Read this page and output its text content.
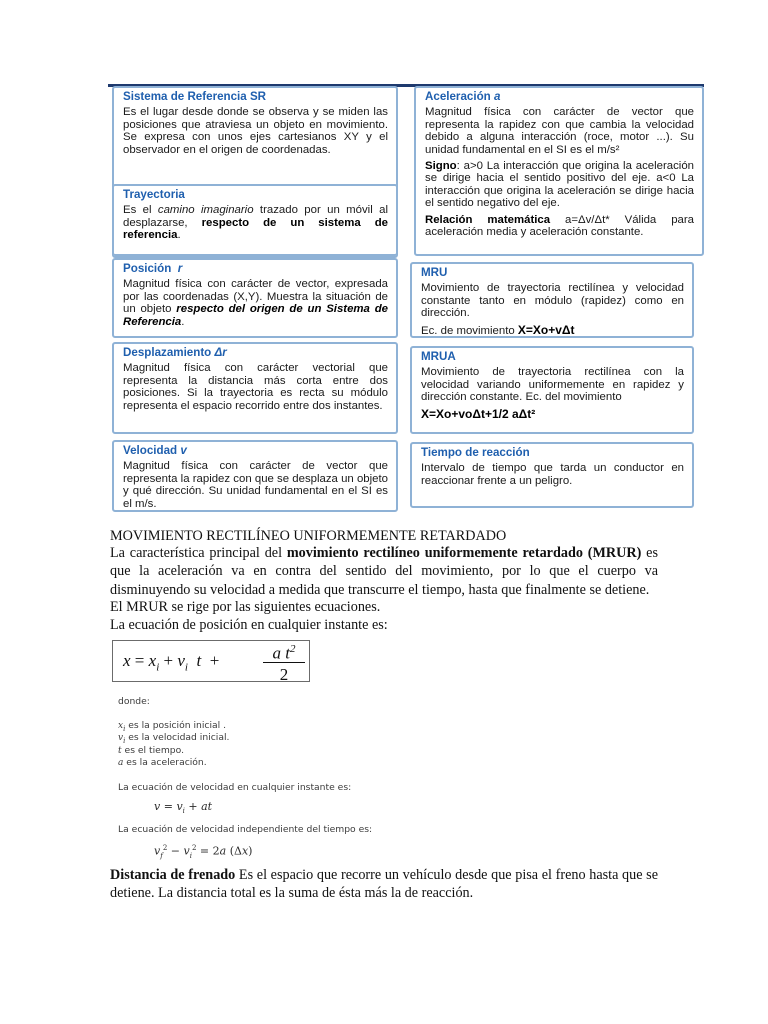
Sistema de Referencia SR

Es el lugar desde donde se observa y se miden las posiciones que atraviesa un objeto en movimiento. Se expresa con unos ejes cartesianos XY y el observador en el origen de coordenadas.

Trayectoria

Es el camino imaginario trazado por un móvil al desplazarse, respecto de un sistema de referencia.

Posición r

Magnitud física con carácter de vector, expresada por las coordenadas (X,Y). Muestra la situación de un objeto respecto del origen de un Sistema de Referencia.

Desplazamiento Δr

Magnitud física con carácter vectorial que representa la distancia más corta entre dos posiciones. Si la trayectoria es recta su módulo representa el espacio recorrido entre dos instantes.

Velocidad v

Magnitud física con carácter de vector que representa la rapidez con que se desplaza un objeto y qué dirección. Su unidad fundamental en el SI es el m/s.

Aceleración a

Magnitud física con carácter de vector que representa la rapidez con que cambia la velocidad debido a alguna interacción (roce, motor ...). Su unidad fundamental en el SI es el m/s²

Signo: a>0 La interacción que origina la aceleración se dirige hacia el sentido positivo del eje. a<0 La interacción que origina la aceleración se dirige hacia el sentido negativo del eje.

Relación matemática a=Δv/Δt* Válida para aceleración media y aceleración constante.

MRU

Movimiento de trayectoria rectilínea y velocidad constante tanto en módulo (rapidez) como en dirección.

Ec. de movimiento X=Xo+vΔt

MRUA

Movimiento de trayectoria rectilínea con la velocidad variando uniformemente en rapidez y dirección constante. Ec. del movimiento

X=Xo+voΔt+1/2 aΔt²

Tiempo de reacción

Intervalo de tiempo que tarda un conductor en reaccionar frente a un peligro.

MOVIMIENTO RECTILÍNEO UNIFORMEMENTE RETARDADO
La característica principal del movimiento rectilíneo uniformemente retardado (MRUR) es que la aceleración va en contra del sentido del movimiento, por lo que el cuerpo va disminuyendo su velocidad a medida que transcurre el tiempo, hasta que finalmente se detiene.
El MRUR se rige por las siguientes ecuaciones.
La ecuación de posición en cualquier instante es:
$x = x_i + v_i$ t  +	a $t^2$
2
donde:
$x_i$ es la posición inicial .
$v_i$ es la velocidad inicial.
t es el tiempo.
a es la aceleración.
La ecuación de velocidad en cualquier instante es:
$v = v_i$ + at
La ecuación de velocidad independiente del tiempo es:
$v_f^2 - v_i^2 = 2a$ (Δx)
Distancia de frenado Es el espacio que recorre un vehículo desde que pisa el freno hasta que se detiene. La distancia total es la suma de ésta más la de reacción.
